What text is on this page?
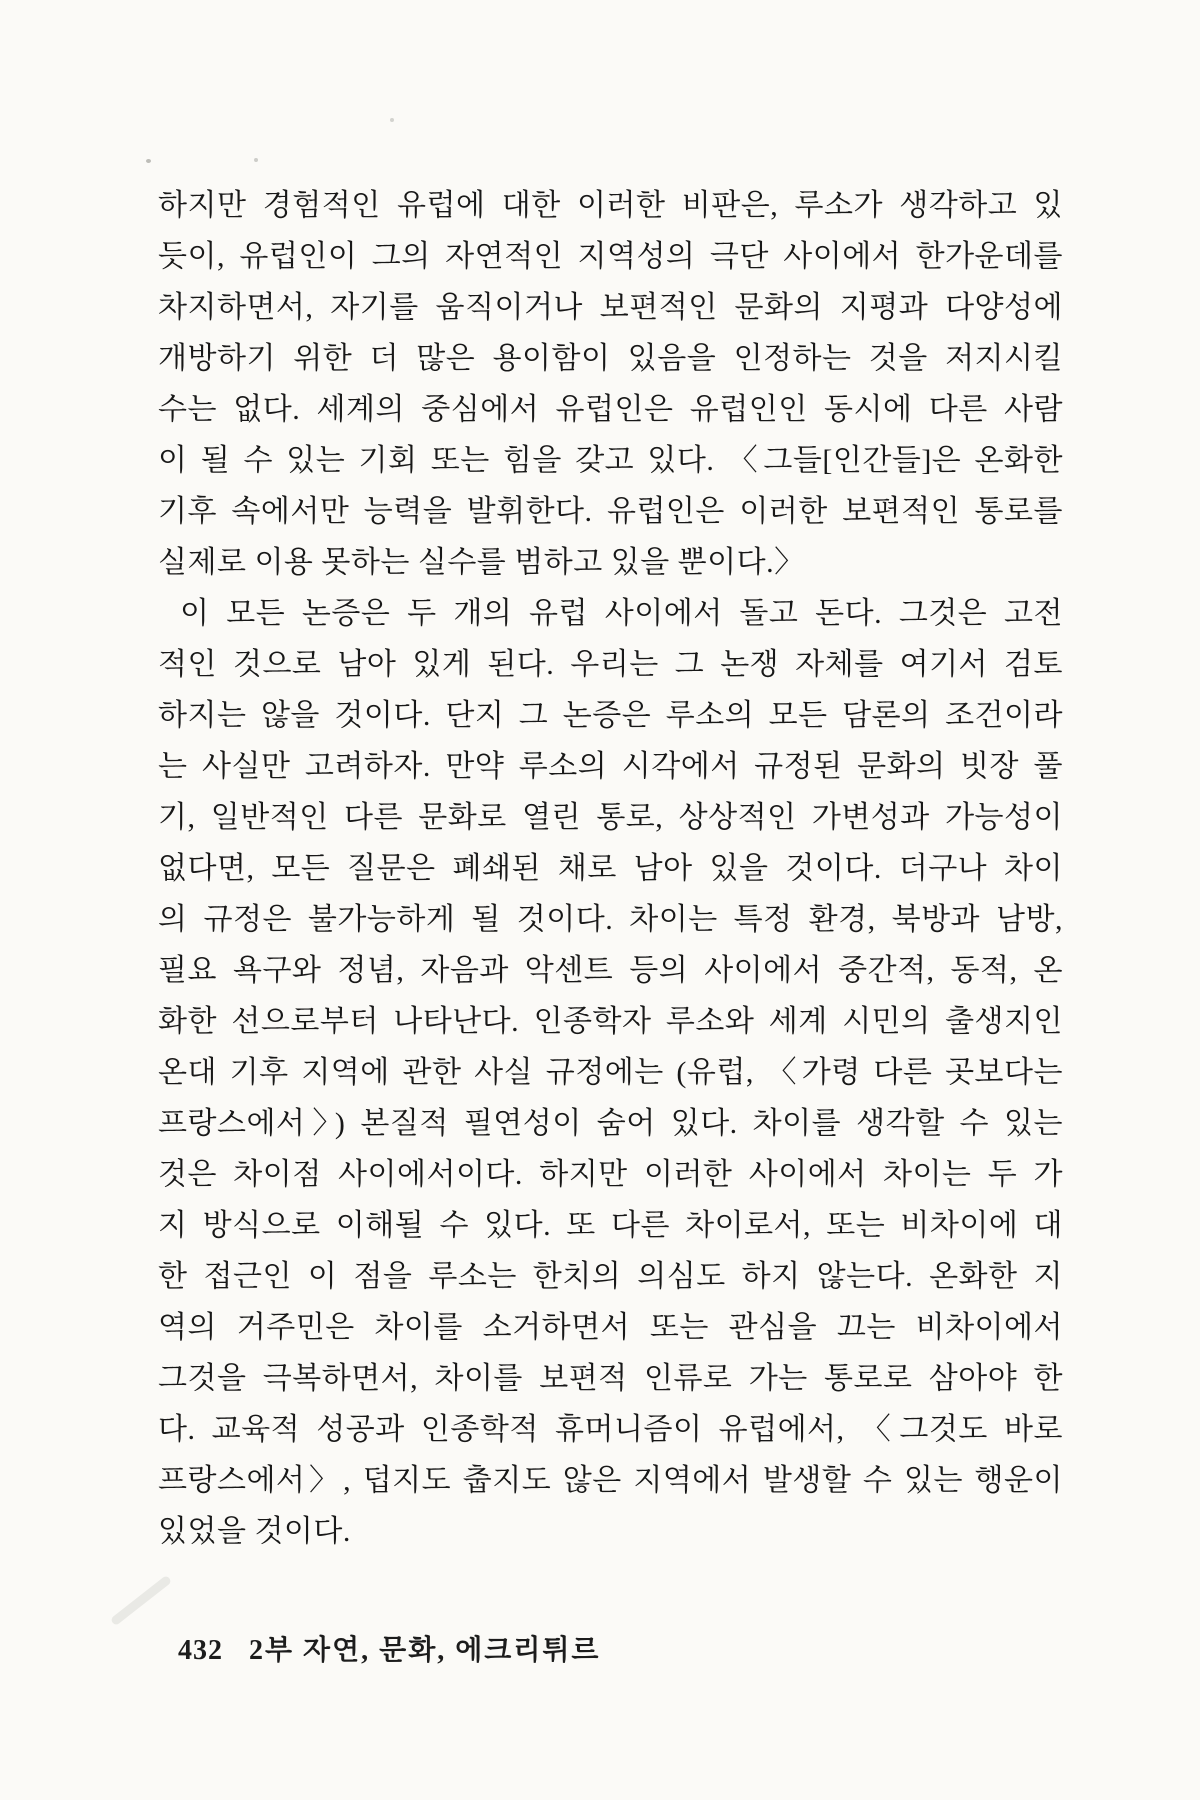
하지만 경험적인 유럽에 대한 이러한 비판은, 루소가 생각하고 있
듯이, 유럽인이 그의 자연적인 지역성의 극단 사이에서 한가운데를
차지하면서, 자기를 움직이거나 보편적인 문화의 지평과 다양성에
개방하기 위한 더 많은 용이함이 있음을 인정하는 것을 저지시킬
수는 없다. 세계의 중심에서 유럽인은 유럽인인 동시에 다른 사람
이 될 수 있는 기회 또는 힘을 갖고 있다. 〈그들[인간들]은 온화한
기후 속에서만 능력을 발휘한다. 유럽인은 이러한 보편적인 통로를
실제로 이용 못하는 실수를 범하고 있을 뿐이다.〉
이 모든 논증은 두 개의 유럽 사이에서 돌고 돈다. 그것은 고전
적인 것으로 남아 있게 된다. 우리는 그 논쟁 자체를 여기서 검토
하지는 않을 것이다. 단지 그 논증은 루소의 모든 담론의 조건이라
는 사실만 고려하자. 만약 루소의 시각에서 규정된 문화의 빗장 풀
기, 일반적인 다른 문화로 열린 통로, 상상적인 가변성과 가능성이
없다면, 모든 질문은 폐쇄된 채로 남아 있을 것이다. 더구나 차이
의 규정은 불가능하게 될 것이다. 차이는 특정 환경, 북방과 남방,
필요 욕구와 정념, 자음과 악센트 등의 사이에서 중간적, 동적, 온
화한 선으로부터 나타난다. 인종학자 루소와 세계 시민의 출생지인
온대 기후 지역에 관한 사실 규정에는 (유럽, 〈가령 다른 곳보다는
프랑스에서〉) 본질적 필연성이 숨어 있다. 차이를 생각할 수 있는
것은 차이점 사이에서이다. 하지만 이러한 사이에서 차이는 두 가
지 방식으로 이해될 수 있다. 또 다른 차이로서, 또는 비차이에 대
한 접근인 이 점을 루소는 한치의 의심도 하지 않는다. 온화한 지
역의 거주민은 차이를 소거하면서 또는 관심을 끄는 비차이에서
그것을 극복하면서, 차이를 보편적 인류로 가는 통로로 삼아야 한
다. 교육적 성공과 인종학적 휴머니즘이 유럽에서, 〈그것도 바로
프랑스에서〉, 덥지도 춥지도 않은 지역에서 발생할 수 있는 행운이
있었을 것이다.
432 2부 자연, 문화, 에크리튀르
